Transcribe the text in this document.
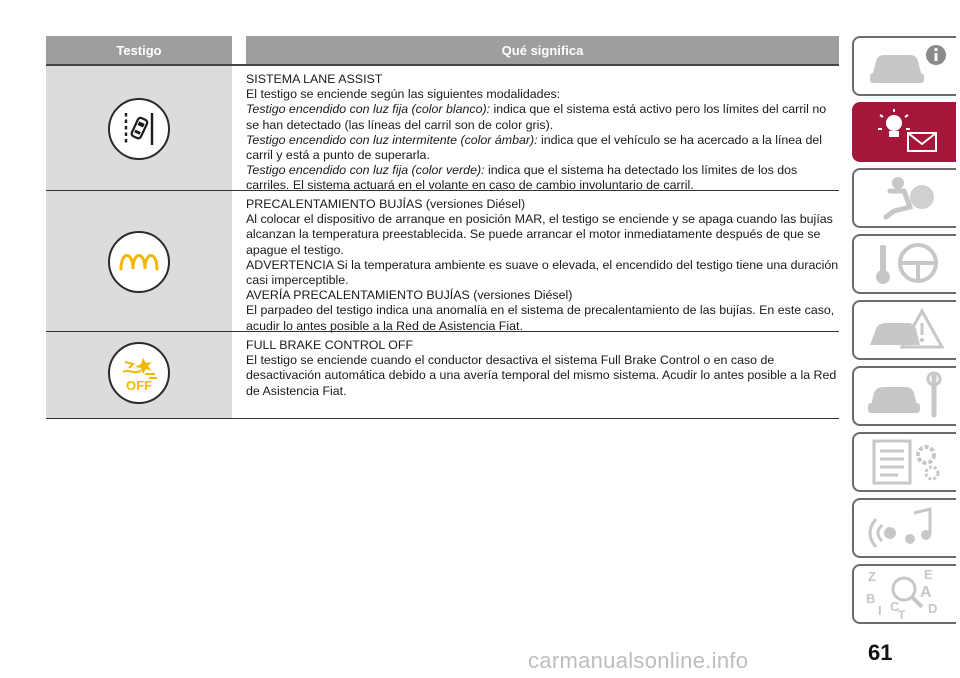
Testigo	Qué significa

SISTEMA LANE ASSIST

El testigo se enciende según las siguientes modalidades:

Testigo encendido con luz fija (color blanco): indica que el sistema está activo pero los límites del carril no se han detectado (las líneas del carril son de color gris).

Testigo encendido con luz intermitente (color ámbar): indica que el vehículo se ha acercado a la línea del carril y está a punto de superarla.

Testigo encendido con luz fija (color verde): indica que el sistema ha detectado los límites de los dos carriles. El sistema actuará en el volante en caso de cambio involuntario de carril.

PRECALENTAMIENTO BUJÍAS (versiones Diésel)

Al colocar el dispositivo de arranque en posición MAR, el testigo se enciende y se apaga cuando las bujías alcanzan la temperatura preestablecida. Se puede arrancar el motor inmediatamente después de que se apague el testigo.

ADVERTENCIA Si la temperatura ambiente es suave o elevada, el encendido del testigo tiene una duración casi imperceptible.

AVERÍA PRECALENTAMIENTO BUJÍAS (versiones Diésel)

El parpadeo del testigo indica una anomalía en el sistema de precalentamiento de las bujías. En este caso, acudir lo antes posible a la Red de Asistencia Fiat.

OFF

FULL BRAKE CONTROL OFF

El testigo se enciende cuando el conductor desactiva el sistema Full Brake Control o en caso de desactivación automática debido a una avería temporal del mismo sistema. Acudir lo antes posible a la Red de Asistencia Fiat.

Z	E
B	A
C D
T
I
61
carmanualsonline.info
